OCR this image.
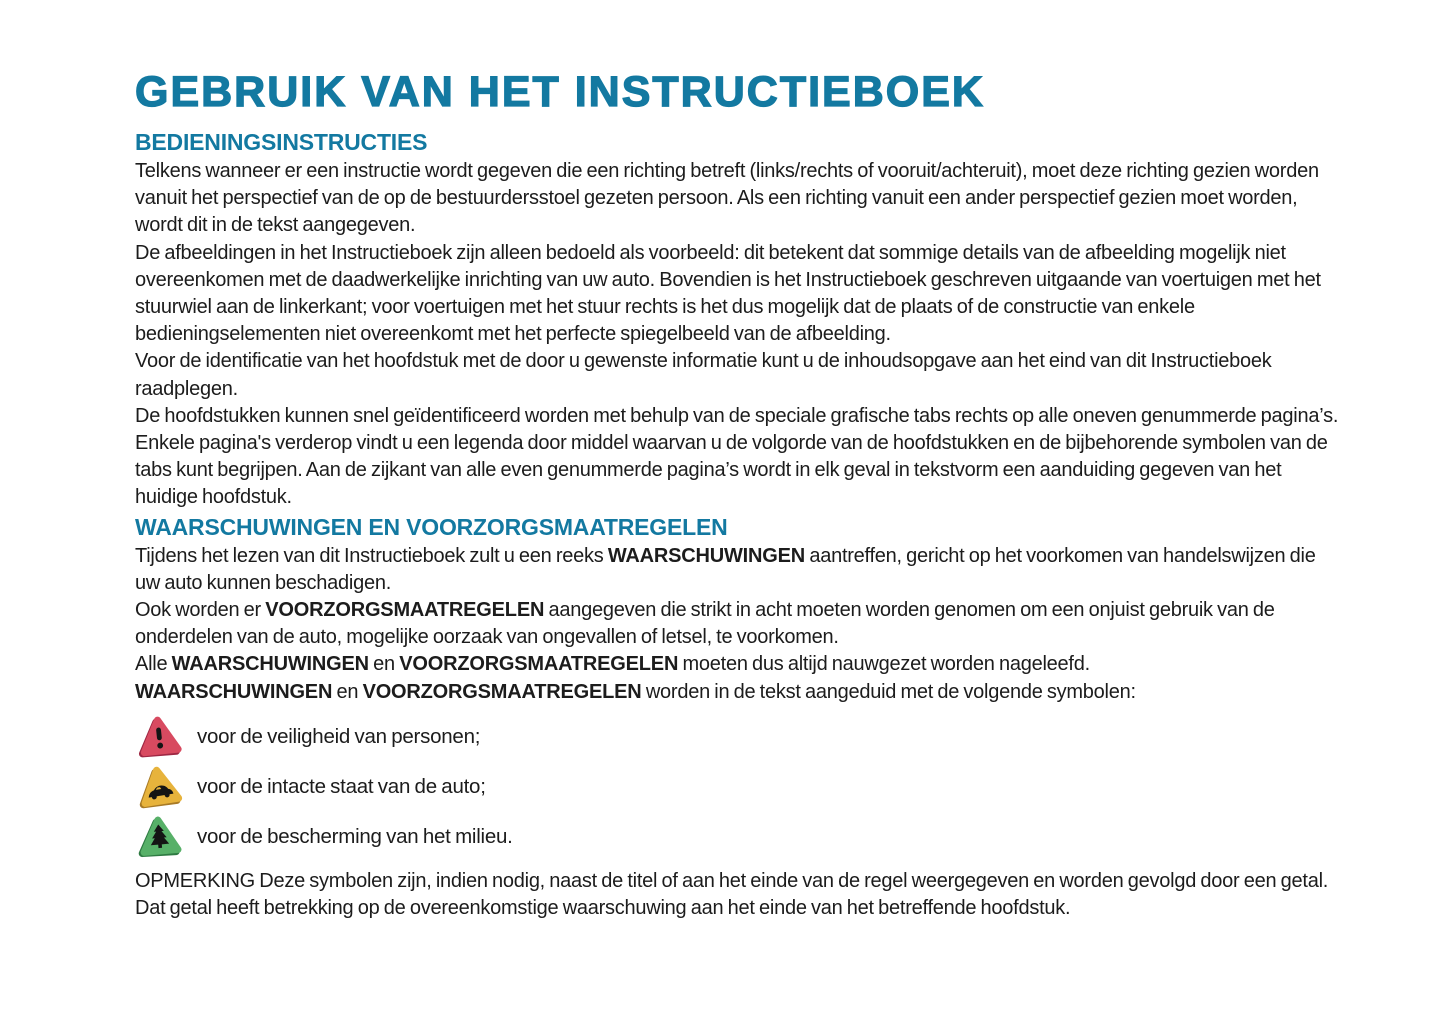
GEBRUIK VAN HET INSTRUCTIEBOEK
BEDIENINGSINSTRUCTIES

Telkens wanneer er een instructie wordt gegeven die een richting betreft (links/rechts of vooruit/achteruit), moet deze richting gezien worden vanuit het perspectief van de op de bestuurdersstoel gezeten persoon. Als een richting vanuit een ander perspectief gezien moet worden, wordt dit in de tekst aangegeven.

De afbeeldingen in het Instructieboek zijn alleen bedoeld als voorbeeld: dit betekent dat sommige details van de afbeelding mogelijk niet overeenkomen met de daadwerkelijke inrichting van uw auto. Bovendien is het Instructieboek geschreven uitgaande van voertuigen met het stuurwiel aan de linkerkant; voor voertuigen met het stuur rechts is het dus mogelijk dat de plaats of de constructie van enkele bedieningselementen niet overeenkomt met het perfecte spiegelbeeld van de afbeelding.

Voor de identificatie van het hoofdstuk met de door u gewenste informatie kunt u de inhoudsopgave aan het eind van dit Instructieboek raadplegen.

De hoofdstukken kunnen snel geïdentificeerd worden met behulp van de speciale grafische tabs rechts op alle oneven genummerde pagina’s. Enkele pagina's verderop vindt u een legenda door middel waarvan u de volgorde van de hoofdstukken en de bijbehorende symbolen van de tabs kunt begrijpen. Aan de zijkant van alle even genummerde pagina’s wordt in elk geval in tekstvorm een aanduiding gegeven van het huidige hoofdstuk.

WAARSCHUWINGEN EN VOORZORGSMAATREGELEN

Tijdens het lezen van dit Instructieboek zult u een reeks WAARSCHUWINGEN aantreffen, gericht op het voorkomen van handelswijzen die uw auto kunnen beschadigen.

Ook worden er VOORZORGSMAATREGELEN aangegeven die strikt in acht moeten worden genomen om een onjuist gebruik van de onderdelen van de auto, mogelijke oorzaak van ongevallen of letsel, te voorkomen.

Alle WAARSCHUWINGEN en VOORZORGSMAATREGELEN moeten dus altijd nauwgezet worden nageleefd.

WAARSCHUWINGEN en VOORZORGSMAATREGELEN worden in de tekst aangeduid met de volgende symbolen:

voor de veiligheid van personen;
voor de intacte staat van de auto;
voor de bescherming van het milieu.

OPMERKING Deze symbolen zijn, indien nodig, naast de titel of aan het einde van de regel weergegeven en worden gevolgd door een getal. Dat getal heeft betrekking op de overeenkomstige waarschuwing aan het einde van het betreffende hoofdstuk.
